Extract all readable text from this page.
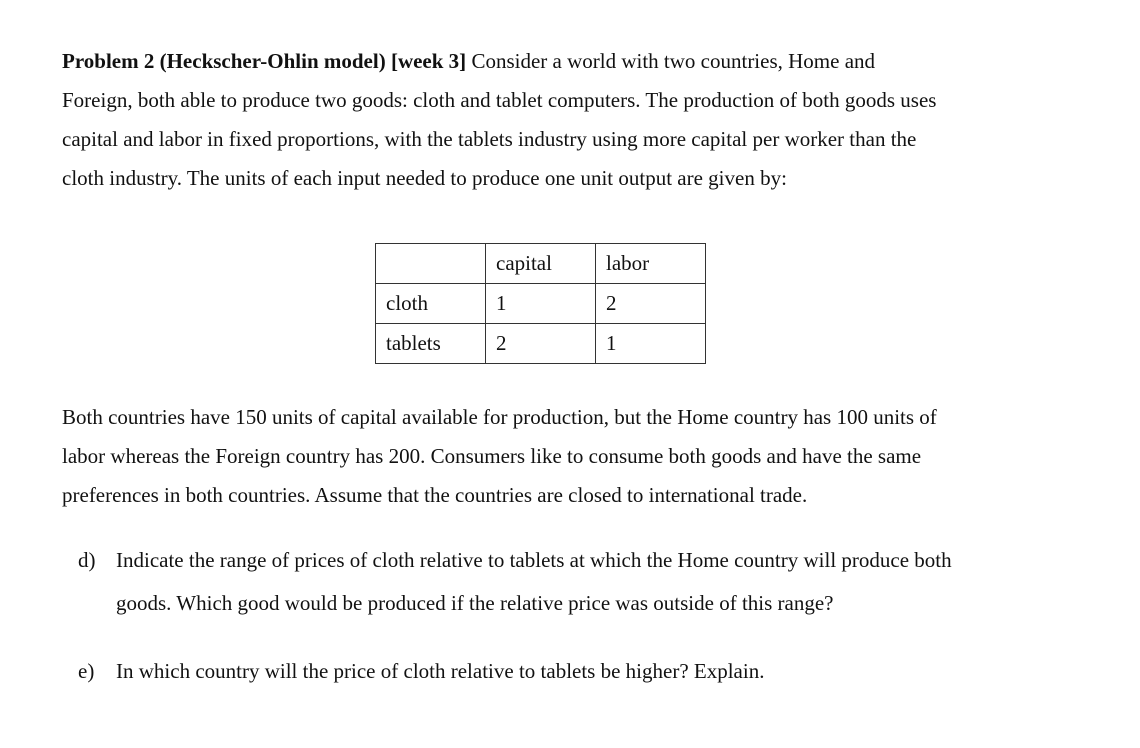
Problem 2 (Heckscher-Ohlin model) [week 3] Consider a world with two countries, Home and
Foreign, both able to produce two goods: cloth and tablet computers. The production of both goods uses
capital and labor in fixed proportions, with the tablets industry using more capital per worker than the
cloth industry. The units of each input needed to produce one unit output are given by:

	capital	labor
cloth	1	2
tablets	2	1

Both countries have 150 units of capital available for production, but the Home country has 100 units of
labor whereas the Foreign country has 200. Consumers like to consume both goods and have the same
preferences in both countries. Assume that the countries are closed to international trade.

d) Indicate the range of prices of cloth relative to tablets at which the Home country will produce both
goods. Which good would be produced if the relative price was outside of this range?
e) In which country will the price of cloth relative to tablets be higher? Explain.
